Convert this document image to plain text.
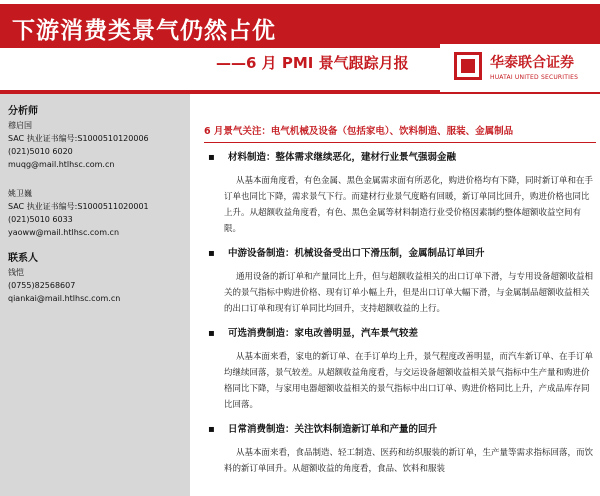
下游消费类景气仍然占优
——6 月 PMI 景气跟踪月报	华泰联合证券
HUATAI UNITED SECURITIES
分析师
穆启国
SAC 执业证书编号:S1000510120006
(021)5010 6020
muqg@mail.htlhsc.com.cn
姚卫巍
SAC 执业证书编号:S1000511020001
(021)5010 6033
yaoww@mail.htlhsc.com.cn
联系人
钱恺
(0755)82568607
qiankai@mail.htlhsc.com.cn
6 月景气关注：电气机械及设备（包括家电）、饮料制造、服装、金属制品
▪ 材料制造：整体需求继续恶化，建材行业景气强弱金融
从基本面角度看，有色金属、黑色金属需求面有所恶化，购进价格均有下降，同时新订单和在手订单也同比下降，需求景气下行。而建材行业景气度略有回暖，新订单同比回升，购进价格也同比上升。从超额收益角度看，有色、黑色金属等材料制造行业受价格因素制约整体超额收益空间有限。
▪ 中游设备制造：机械设备受出口下滑压制，金属制品订单回升
通用设备的新订单和产量同比上升，但与超额收益相关的出口订单下滑，与专用设备超额收益相关的景气指标中购进价格、现有订单小幅上升，但是出口订单大幅下滑，与金属制品超额收益相关的出口订单和现有订单同比均回升，支持超额收益的上行。
▪ 可选消费制造：家电改善明显，汽车景气较差
从基本面来看，家电的新订单、在手订单均上升，景气程度改善明显，而汽车新订单、在手订单均继续回落，景气较差。从超额收益角度看，与交运设备超额收益相关景气指标中生产量和购进价格同比下降，与家用电器超额收益相关的景气指标中出口订单、购进价格同比上升，产成品库存同比回落。
▪ 日常消费制造：关注饮料制造新订单和产量的回升
从基本面来看，食品制造、轻工制造、医药和纺织服装的新订单，生产量等需求指标回落，而饮料的新订单回升。从超额收益的角度看，食品、饮料和服装
